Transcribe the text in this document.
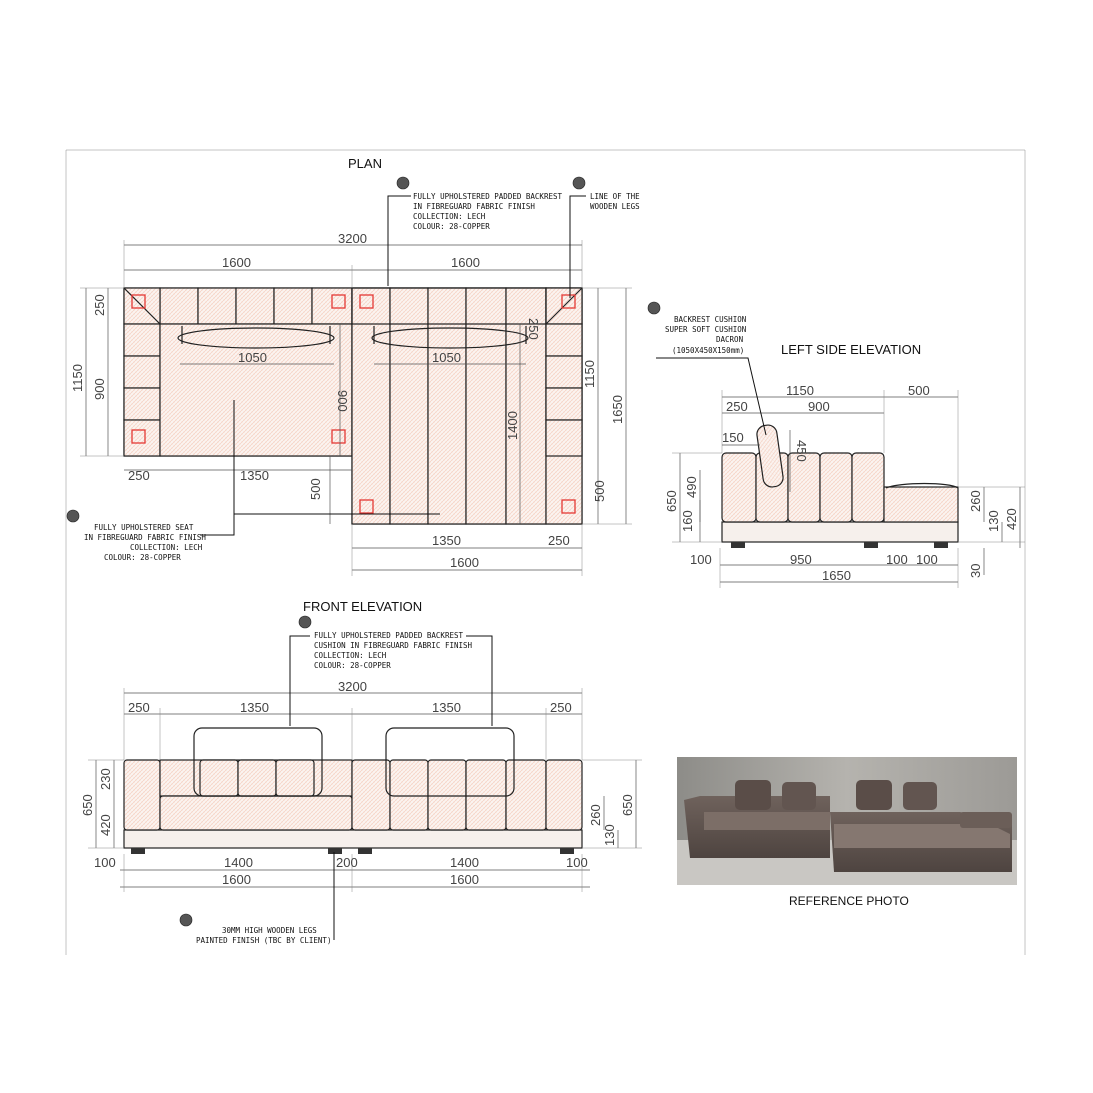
PLAN
3200
1600	1600
250
1150 900
1050	1050
900
250
1400
250	1350
500
1150
1650
500
1350	250
1600
FULLY UPHOLSTERED PADDED BACKREST
IN FIBREGUARD FABRIC FINISH
COLLECTION: LECH
COLOUR: 28-COPPER
LINE OF THE
WOODEN LEGS
FULLY UPHOLSTERED SEAT
IN FIBREGUARD FABRIC FINISH
COLLECTION: LECH
COLOUR: 28-COPPER
LEFT SIDE ELEVATION
1150	500
250	900
150
450
650
490
160
260
130 420
100	950	100 100
30
1650
BACKREST CUSHION
SUPER SOFT CUSHION
DACRON
(1050X450X150mm)
FRONT ELEVATION
3200
250	1350	1350	250
650
230
420	260
130
650
100	1400	200	1400	100
1600	1600
FULLY UPHOLSTERED PADDED BACKREST
CUSHION IN FIBREGUARD FABRIC FINISH
COLLECTION: LECH
COLOUR: 28-COPPER
30MM HIGH WOODEN LEGS
PAINTED FINISH (TBC BY CLIENT)
REFERENCE PHOTO
